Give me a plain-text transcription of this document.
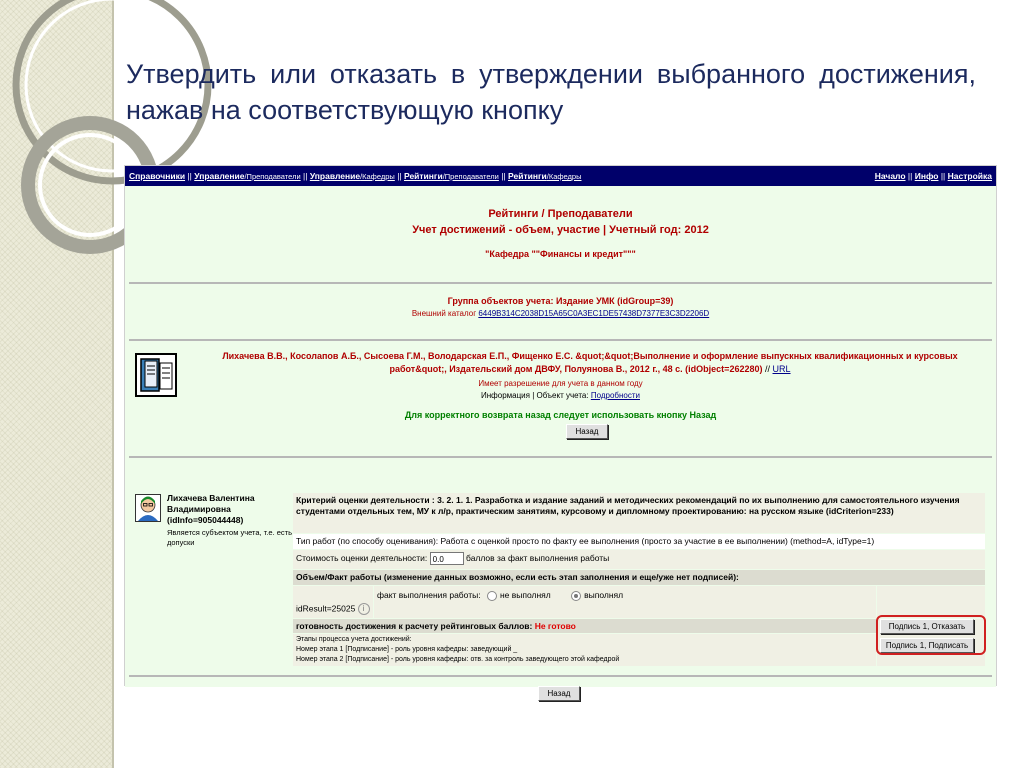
Утвердить или отказать в утверждении выбранного достижения, нажав на соответствующую кнопку
Справочники || Управление/Преподаватели || Управление/Кафедры || Рейтинги/Преподаватели || Рейтинги/Кафедры	Начало || Инфо || Настройка
Рейтинги / Преподаватели
Учет достижений - объем, участие | Учетный год: 2012
"Кафедра ""Финансы и кредит"""
Группа объектов учета: Издание УМК (idGroup=39)
Внешний каталог 6449B314C2038D15A65C0A3EC1DE57438D7377E3C3D2206D
Лихачева В.В., Косолапов А.Б., Сысоева Г.М., Володарская Е.П., Фищенко Е.С. &quot;&quot;Выполнение и оформление выпускных квалификационных и курсовых
работ&quot;, Издательский дом ДВФУ, Полуянова В., 2012 г., 48 с. (idObject=262280) // URL
Имеет разрешение для учета в данном году
Информация | Объект учета: Подробности
Для корректного возврата назад следует использовать кнопку Назад
Назад
Лихачева Валентина
Владимировна
(idInfo=905044448)
Является субъектом учета, т.е. есть допуски
Критерий оценки деятельности : 3. 2. 1. 1. Разработка и издание заданий и методических рекомендаций по их выполнению для самостоятельного изучения студентами отдельных тем, МУ к л/р, практическим занятиям, курсовому и дипломному проектированию: на русском языке (idCriterion=233)
Тип работ (по способу оценивания): Работа с оценкой просто по факту ее выполнения (просто за участие в ее выполнении) (method=A, idType=1)
Стоимость оценки деятельности: 0.0	баллов за факт выполнения работы
Объем/Факт работы (изменение данных возможно, если есть этап заполнения и еще/уже нет подписей):
idResult=25025 i
факт выполнения работы: не выполнял	выполнял
готовность достижения к расчету рейтинговых баллов: Не готово
Этапы процесса учета достижений:
Номер этапа 1 [Подписание] - роль уровня кафедры: заведующий _
Номер этапа 2 [Подписание] - роль уровня кафедры: отв. за контроль заведующего этой кафедрой
Подпись 1, Отказать
Подпись 1, Подписать
Назад
